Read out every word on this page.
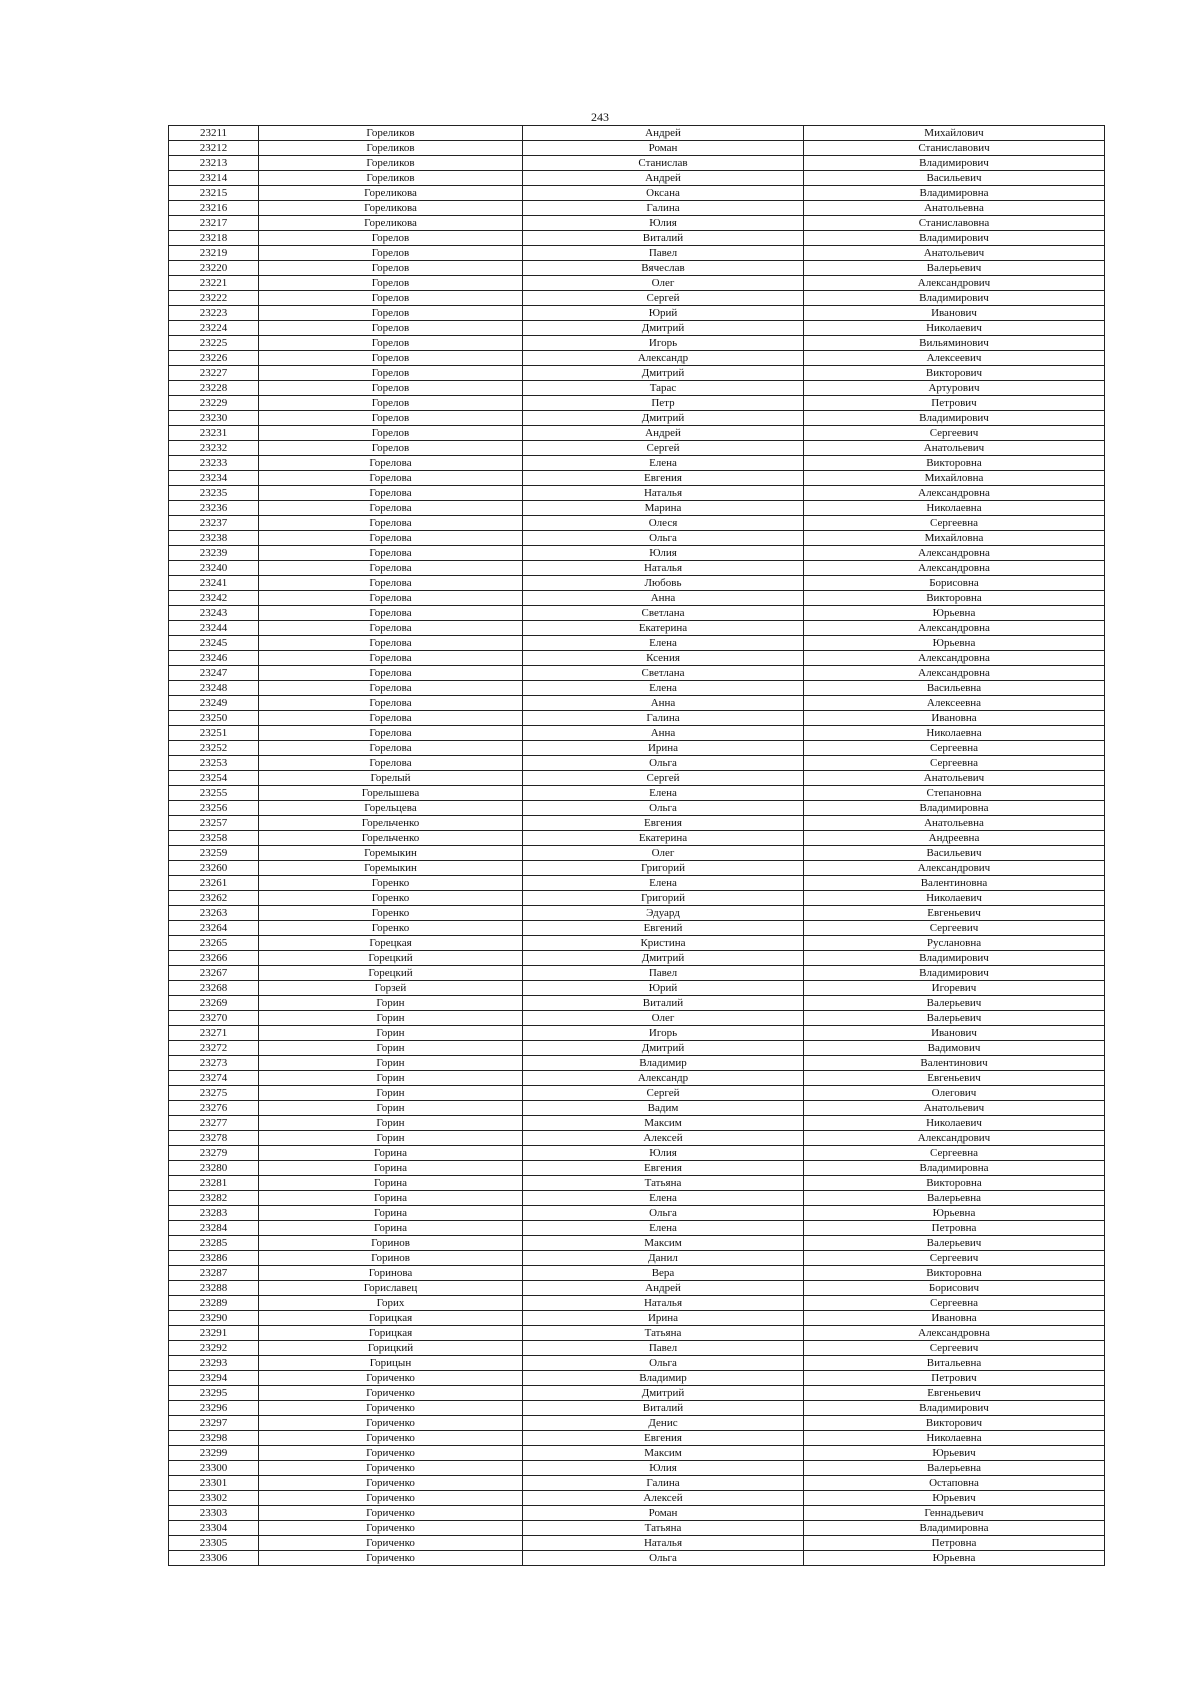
243
23211	Гореликов	Андрей	Михайлович
23212	Гореликов	Роман	Станиславович
23213	Гореликов	Станислав	Владимирович
23214	Гореликов	Андрей	Васильевич
23215	Гореликова	Оксана	Владимировна
23216	Гореликова	Галина	Анатольевна
23217	Гореликова	Юлия	Станиславовна
23218	Горелов	Виталий	Владимирович
23219	Горелов	Павел	Анатольевич
23220	Горелов	Вячеслав	Валерьевич
23221	Горелов	Олег	Александрович
23222	Горелов	Сергей	Владимирович
23223	Горелов	Юрий	Иванович
23224	Горелов	Дмитрий	Николаевич
23225	Горелов	Игорь	Вильяминович
23226	Горелов	Александр	Алексеевич
23227	Горелов	Дмитрий	Викторович
23228	Горелов	Тарас	Артурович
23229	Горелов	Петр	Петрович
23230	Горелов	Дмитрий	Владимирович
23231	Горелов	Андрей	Сергеевич
23232	Горелов	Сергей	Анатольевич
23233	Горелова	Елена	Викторовна
23234	Горелова	Евгения	Михайловна
23235	Горелова	Наталья	Александровна
23236	Горелова	Марина	Николаевна
23237	Горелова	Олеся	Сергеевна
23238	Горелова	Ольга	Михайловна
23239	Горелова	Юлия	Александровна
23240	Горелова	Наталья	Александровна
23241	Горелова	Любовь	Борисовна
23242	Горелова	Анна	Викторовна
23243	Горелова	Светлана	Юрьевна
23244	Горелова	Екатерина	Александровна
23245	Горелова	Елена	Юрьевна
23246	Горелова	Ксения	Александровна
23247	Горелова	Светлана	Александровна
23248	Горелова	Елена	Васильевна
23249	Горелова	Анна	Алексеевна
23250	Горелова	Галина	Ивановна
23251	Горелова	Анна	Николаевна
23252	Горелова	Ирина	Сергеевна
23253	Горелова	Ольга	Сергеевна
23254	Горелый	Сергей	Анатольевич
23255	Горелышева	Елена	Степановна
23256	Горельцева	Ольга	Владимировна
23257	Горельченко	Евгения	Анатольевна
23258	Горельченко	Екатерина	Андреевна
23259	Горемыкин	Олег	Васильевич
23260	Горемыкин	Григорий	Александрович
23261	Горенко	Елена	Валентиновна
23262	Горенко	Григорий	Николаевич
23263	Горенко	Эдуард	Евгеньевич
23264	Горенко	Евгений	Сергеевич
23265	Горецкая	Кристина	Руслановна
23266	Горецкий	Дмитрий	Владимирович
23267	Горецкий	Павел	Владимирович
23268	Горзей	Юрий	Игоревич
23269	Горин	Виталий	Валерьевич
23270	Горин	Олег	Валерьевич
23271	Горин	Игорь	Иванович
23272	Горин	Дмитрий	Вадимович
23273	Горин	Владимир	Валентинович
23274	Горин	Александр	Евгеньевич
23275	Горин	Сергей	Олегович
23276	Горин	Вадим	Анатольевич
23277	Горин	Максим	Николаевич
23278	Горин	Алексей	Александрович
23279	Горина	Юлия	Сергеевна
23280	Горина	Евгения	Владимировна
23281	Горина	Татьяна	Викторовна
23282	Горина	Елена	Валерьевна
23283	Горина	Ольга	Юрьевна
23284	Горина	Елена	Петровна
23285	Горинов	Максим	Валерьевич
23286	Горинов	Данил	Сергеевич
23287	Горинова	Вера	Викторовна
23288	Гориславец	Андрей	Борисович
23289	Горих	Наталья	Сергеевна
23290	Горицкая	Ирина	Ивановна
23291	Горицкая	Татьяна	Александровна
23292	Горицкий	Павел	Сергеевич
23293	Горицын	Ольга	Витальевна
23294	Гориченко	Владимир	Петрович
23295	Гориченко	Дмитрий	Евгеньевич
23296	Гориченко	Виталий	Владимирович
23297	Гориченко	Денис	Викторович
23298	Гориченко	Евгения	Николаевна
23299	Гориченко	Максим	Юрьевич
23300	Гориченко	Юлия	Валерьевна
23301	Гориченко	Галина	Остаповна
23302	Гориченко	Алексей	Юрьевич
23303	Гориченко	Роман	Геннадьевич
23304	Гориченко	Татьяна	Владимировна
23305	Гориченко	Наталья	Петровна
23306	Гориченко	Ольга	Юрьевна
